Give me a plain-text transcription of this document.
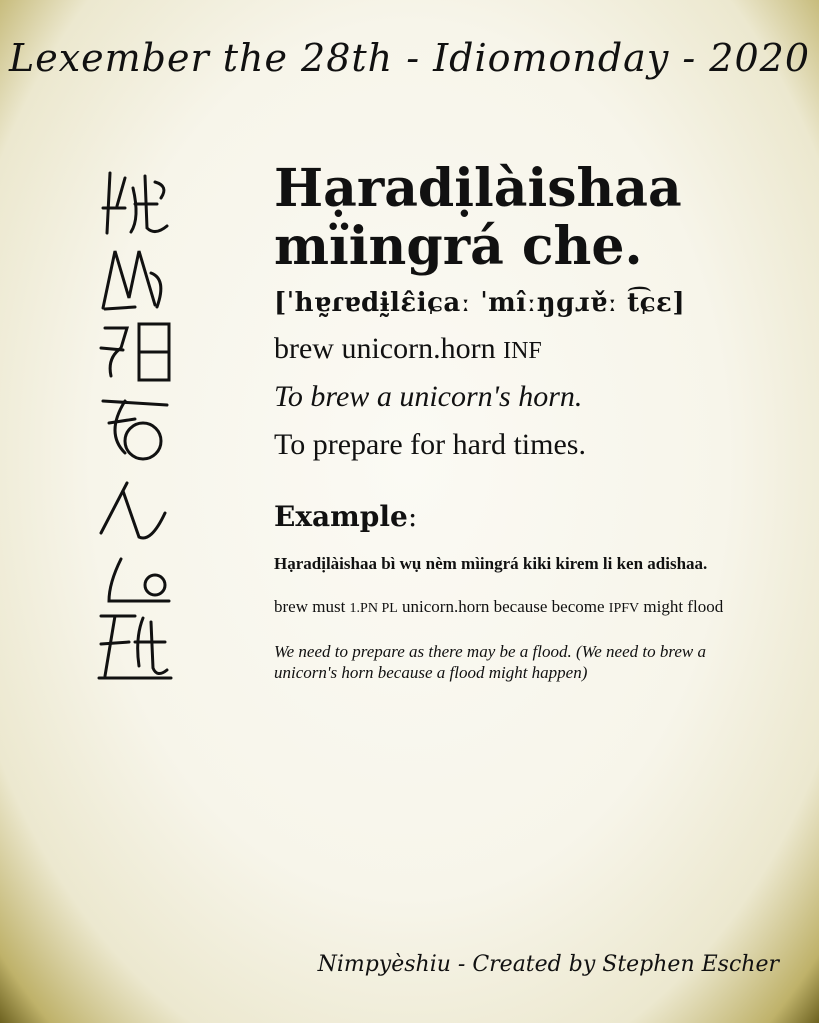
Lexember the 28th - Idiomonday - 2020
Hạradịlàishaa
mïingrá che.
[ˈhɐ̰ɾɐdɨ̰lɛ̂iɕaː ˈmîːŋɡɹɐ̌ː t͡ɕɛ]
brew unicorn.horn INF
To brew a unicorn's horn.
To prepare for hard times.
Example:
Hạradịlàishaa bì wụ nèm mìingrá kiki kirem li ken adishaa.
brew must 1.PN PL unicorn.horn because become IPFV might flood
We need to prepare as there may be a flood. (We need to brew a unicorn's horn because a flood might happen)
Nimpyèshiu - Created by Stephen Escher
